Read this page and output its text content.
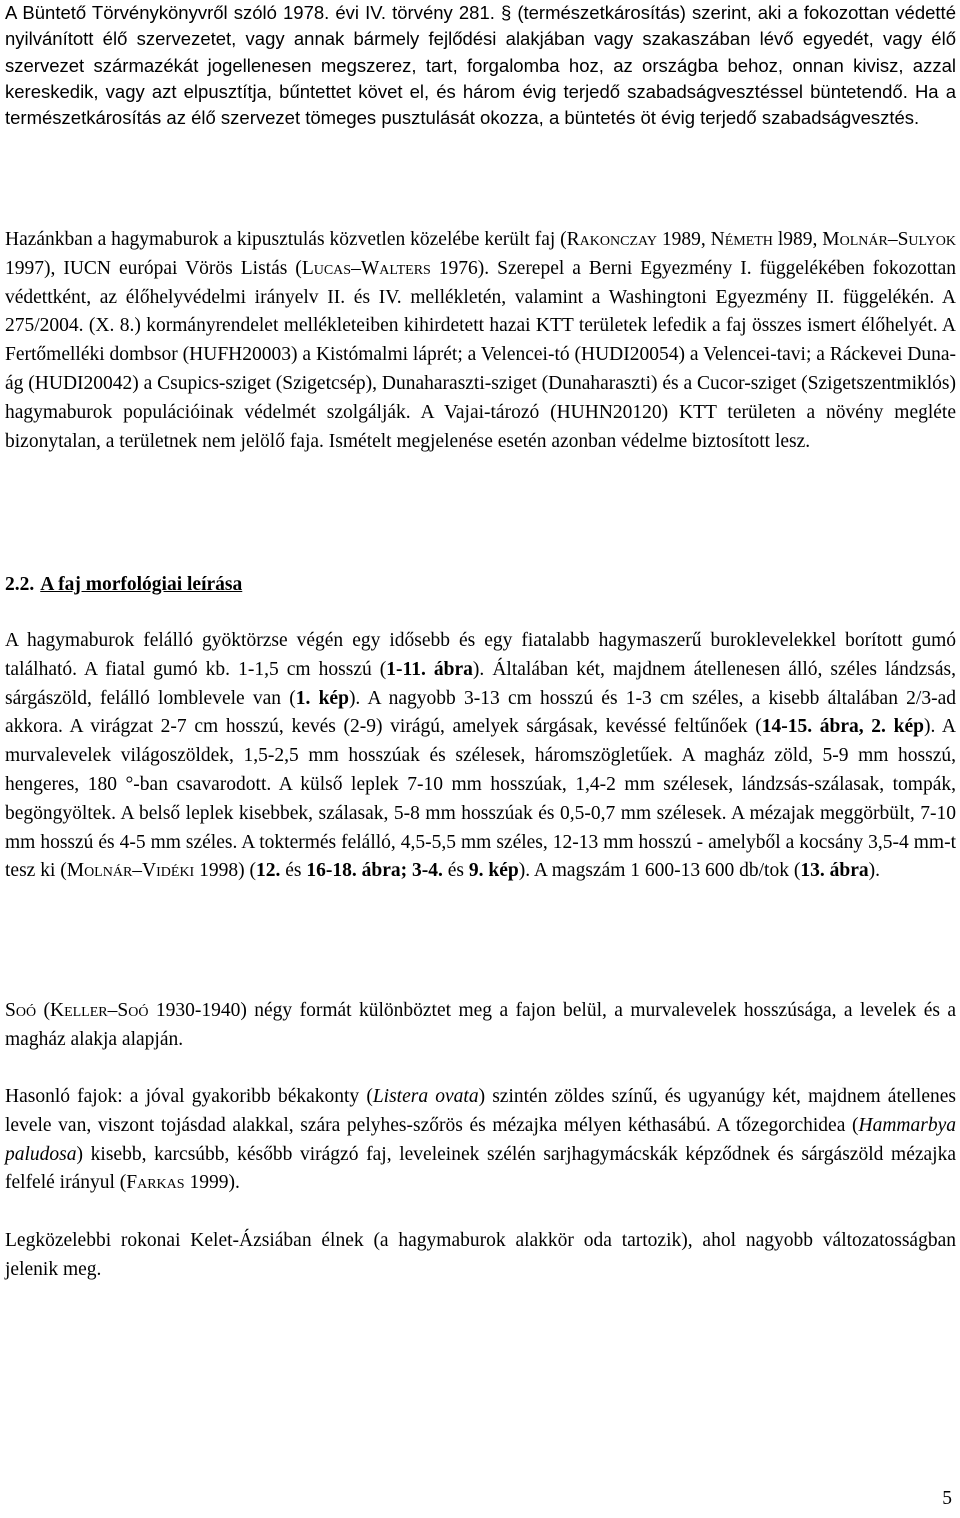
A Büntető Törvénykönyvről szóló 1978. évi IV. törvény 281. § (természetkárosítás) szerint, aki a fokozottan védetté nyilvánított élő szervezetet, vagy annak bármely fejlődési alakjában vagy szakaszában lévő egyedét, vagy élő szervezet származékát jogellenesen megszerez, tart, forgalomba hoz, az országba behoz, onnan kivisz, azzal kereskedik, vagy azt elpusztítja, bűntettet követ el, és három évig terjedő szabadságvesztéssel büntetendő. Ha a természetkárosítás az élő szervezet tömeges pusztulását okozza, a büntetés öt évig terjedő szabadságvesztés.

Hazánkban a hagymaburok a kipusztulás közvetlen közelébe került faj (Rakonczay 1989, Németh l989, Molnár–Sulyok 1997), IUCN európai Vörös Listás (Lucas–Walters 1976). Szerepel a Berni Egyezmény I. függelékében fokozottan védettként, az élőhelyvédelmi irányelv II. és IV. mellékletén, valamint a Washingtoni Egyezmény II. függelékén. A 275/2004. (X. 8.) kormányrendelet mellékleteiben kihirdetett hazai KTT területek lefedik a faj összes ismert élőhelyét. A Fertőmelléki dombsor (HUFH20003) a Kistómalmi láprét; a Velencei-tó (HUDI20054) a Velencei-tavi; a Ráckevei Duna-ág (HUDI20042) a Csupics-sziget (Szigetcsép), Dunaharaszti-sziget (Dunaharaszti) és a Cucor-sziget (Szigetszentmiklós) hagymaburok populációinak védelmét szolgálják. A Vajai-tározó (HUHN20120) KTT területen a növény megléte bizonytalan, a területnek nem jelölő faja. Ismételt megjelenése esetén azonban védelme biztosított lesz.

2.2. A faj morfológiai leírása

A hagymaburok felálló gyöktörzse végén egy idősebb és egy fiatalabb hagymaszerű buroklevelekkel borított gumó található. A fiatal gumó kb. 1-1,5 cm hosszú (1-11. ábra). Általában két, majdnem átellenesen álló, széles lándzsás, sárgászöld, felálló lomblevele van (1. kép). A nagyobb 3-13 cm hosszú és 1-3 cm széles, a kisebb általában 2/3-ad akkora. A virágzat 2-7 cm hosszú, kevés (2-9) virágú, amelyek sárgásak, kevéssé feltűnőek (14-15. ábra, 2. kép). A murvalevelek világoszöldek, 1,5-2,5 mm hosszúak és szélesek, háromszögletűek. A magház zöld, 5-9 mm hosszú, hengeres, 180 °-ban csavarodott. A külső leplek 7-10 mm hosszúak, 1,4-2 mm szélesek, lándzsás-szálasak, tompák, begöngyöltek. A belső leplek kisebbek, szálasak, 5-8 mm hosszúak és 0,5-0,7 mm szélesek. A mézajak meggörbült, 7-10 mm hosszú és 4-5 mm széles. A toktermés felálló, 4,5-5,5 mm széles, 12-13 mm hosszú - amelyből a kocsány 3,5-4 mm-t tesz ki (Molnár–Vidéki 1998) (12. és 16-18. ábra; 3-4. és 9. kép). A magszám 1 600-13 600 db/tok (13. ábra).

Soó (Keller–Soó 1930-1940) négy formát különböztet meg a fajon belül, a murvalevelek hosszúsága, a levelek és a magház alakja alapján.

Hasonló fajok: a jóval gyakoribb békakonty (Listera ovata) szintén zöldes színű, és ugyanúgy két, majdnem átellenes levele van, viszont tojásdad alakkal, szára pelyhes-szőrös és mézajka mélyen kéthasábú. A tőzegorchidea (Hammarbya paludosa) kisebb, karcsúbb, később virágzó faj, leveleinek szélén sarjhagymácskák képződnek és sárgászöld mézajka felfelé irányul (Farkas 1999).

Legközelebbi rokonai Kelet-Ázsiában élnek (a hagymaburok alakkör oda tartozik), ahol nagyobb változatosságban jelenik meg.

5
